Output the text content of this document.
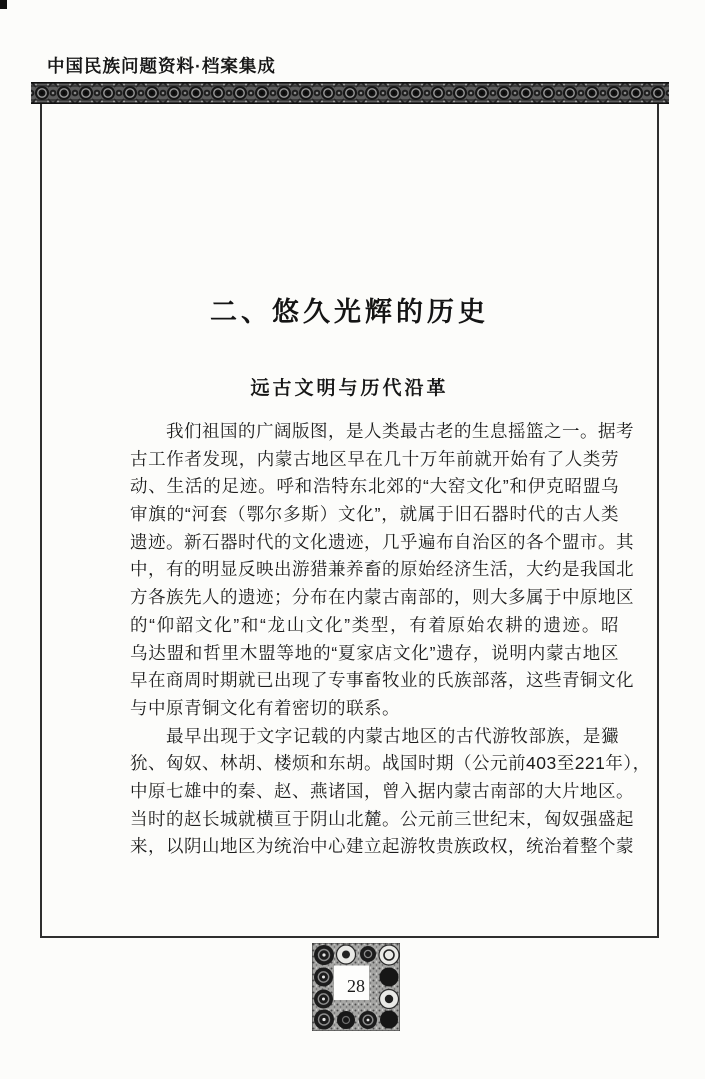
中国民族问题资料·档案集成
二、悠久光辉的历史
远古文明与历代沿革
我们祖国的广阔版图，是人类最古老的生息摇篮之一。据考
古工作者发现，内蒙古地区早在几十万年前就开始有了人类劳
动、生活的足迹。呼和浩特东北郊的“大窑文化”和伊克昭盟乌
审旗的“河套（鄂尔多斯）文化”，就属于旧石器时代的古人类
遗迹。新石器时代的文化遗迹，几乎遍布自治区的各个盟市。其
中，有的明显反映出游猎兼养畜的原始经济生活，大约是我国北
方各族先人的遗迹；分布在内蒙古南部的，则大多属于中原地区
的“仰韶文化”和“龙山文化”类型，有着原始农耕的遗迹。昭
乌达盟和哲里木盟等地的“夏家店文化”遗存，说明内蒙古地区
早在商周时期就已出现了专事畜牧业的氏族部落，这些青铜文化
与中原青铜文化有着密切的联系。
最早出现于文字记载的内蒙古地区的古代游牧部族，是玁
狁、匈奴、林胡、楼烦和东胡。战国时期（公元前403至221年），
中原七雄中的秦、赵、燕诸国，曾入据内蒙古南部的大片地区。
当时的赵长城就横亘于阴山北麓。公元前三世纪末，匈奴强盛起
来，以阴山地区为统治中心建立起游牧贵族政权，统治着整个蒙
28
